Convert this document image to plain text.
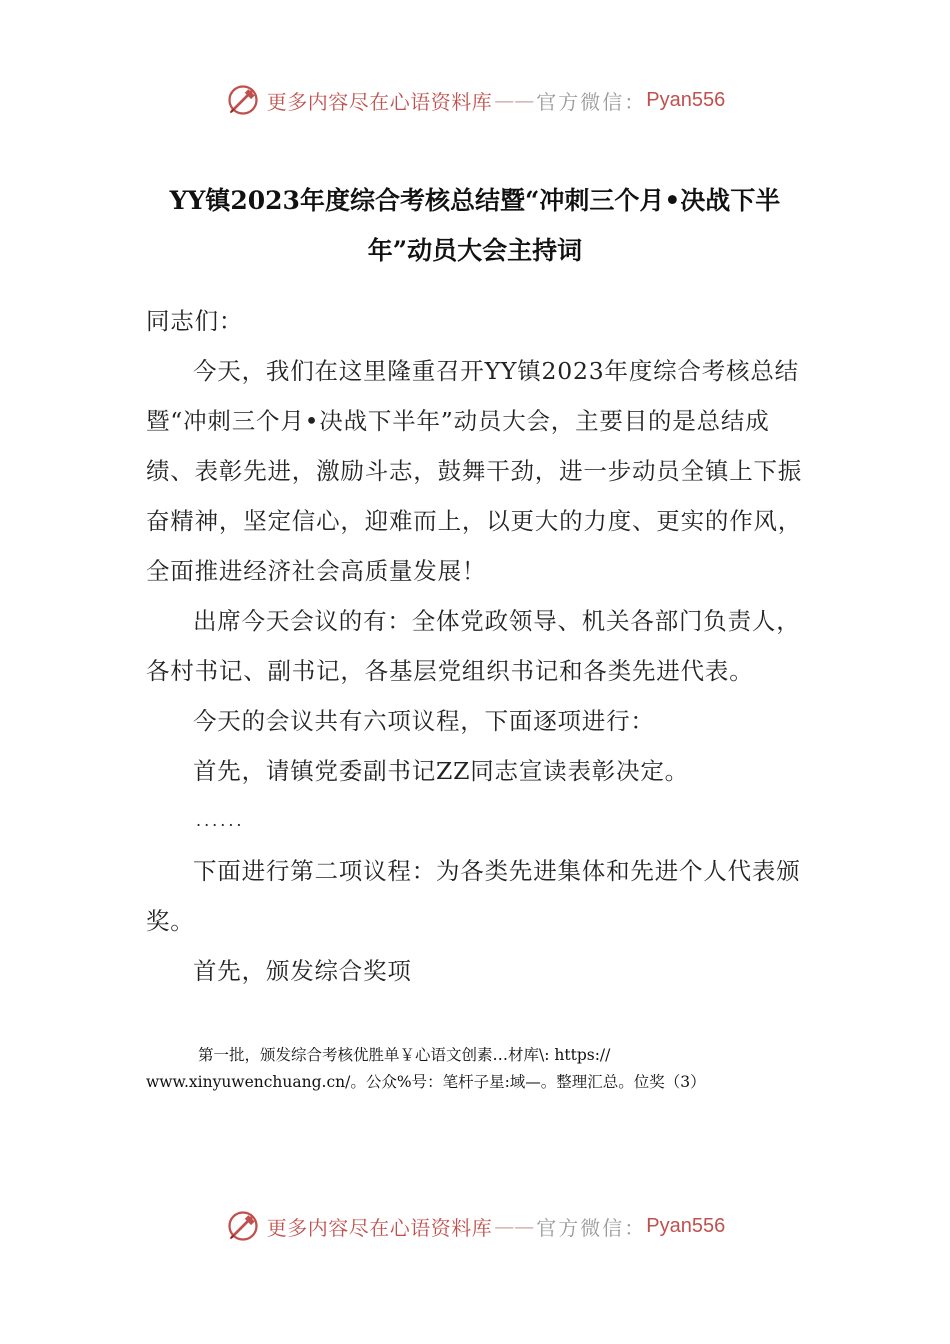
更多内容尽在心语资料库 —— 官方微信： Pyan556
YY镇2023年度综合考核总结暨“冲刺三个月•决战下半
年”动员大会主持词

同志们：

今天，我们在这里隆重召开YY镇2023年度综合考核总结暨“冲刺三个月•决战下半年”动员大会，主要目的是总结成绩、表彰先进，激励斗志，鼓舞干劲，进一步动员全镇上下振奋精神，坚定信心，迎难而上，以更大的力度、更实的作风，全面推进经济社会高质量发展！

出席今天会议的有：全体党政领导、机关各部门负责人，各村书记、副书记，各基层党组织书记和各类先进代表。

今天的会议共有六项议程，下面逐项进行：

首先，请镇党委副书记ZZ同志宣读表彰决定。

......

下面进行第二项议程：为各类先进集体和先进个人代表颁奖。

首先，颁发综合奖项

第一批，颁发综合考核优胜单￥心语文创素…材库\: https://
www.xinyuwenchuang.cn/。公众%号：笔杆子星:域—。整理汇总。位奖（3）
更多内容尽在心语资料库 —— 官方微信： Pyan556
